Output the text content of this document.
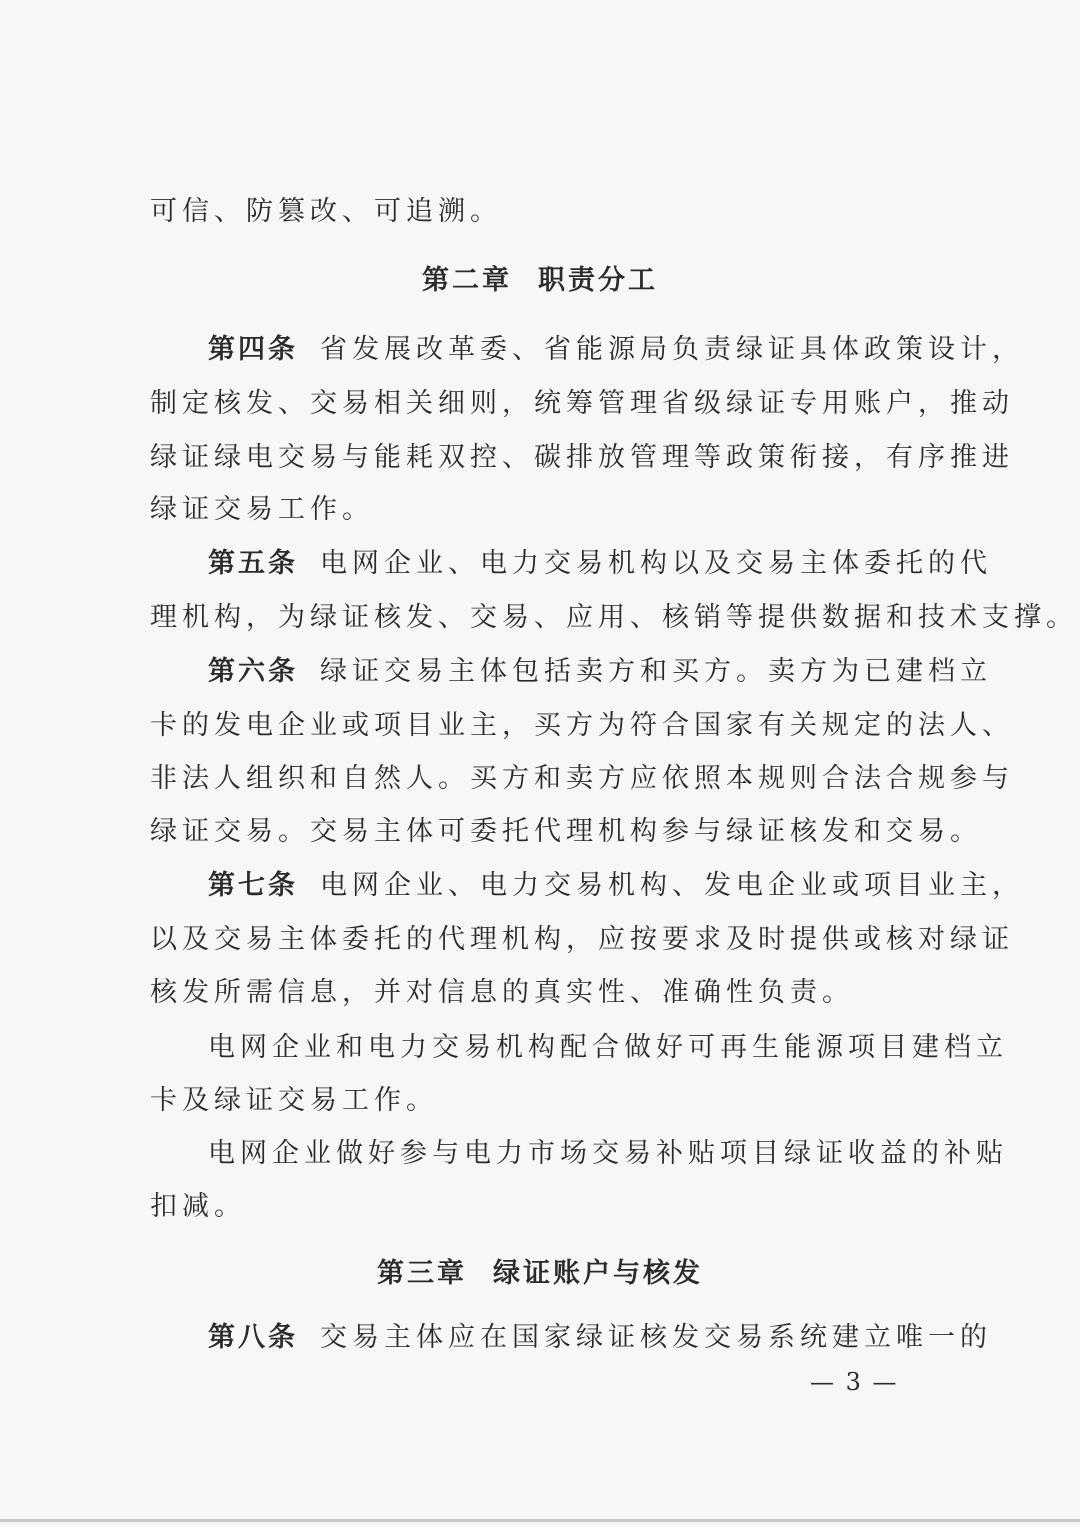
可信、防篡改、可追溯。
第二章 职责分工
第四条 省发展改革委、省能源局负责绿证具体政策设计，
制定核发、交易相关细则，统筹管理省级绿证专用账户，推动
绿证绿电交易与能耗双控、碳排放管理等政策衔接，有序推进
绿证交易工作。
第五条 电网企业、电力交易机构以及交易主体委托的代
理机构，为绿证核发、交易、应用、核销等提供数据和技术支撑。
第六条 绿证交易主体包括卖方和买方。卖方为已建档立
卡的发电企业或项目业主，买方为符合国家有关规定的法人、
非法人组织和自然人。买方和卖方应依照本规则合法合规参与
绿证交易。交易主体可委托代理机构参与绿证核发和交易。
第七条 电网企业、电力交易机构、发电企业或项目业主，
以及交易主体委托的代理机构，应按要求及时提供或核对绿证
核发所需信息，并对信息的真实性、准确性负责。
电网企业和电力交易机构配合做好可再生能源项目建档立
卡及绿证交易工作。
电网企业做好参与电力市场交易补贴项目绿证收益的补贴
扣减。
第三章 绿证账户与核发
第八条 交易主体应在国家绿证核发交易系统建立唯一的
— 3 —
